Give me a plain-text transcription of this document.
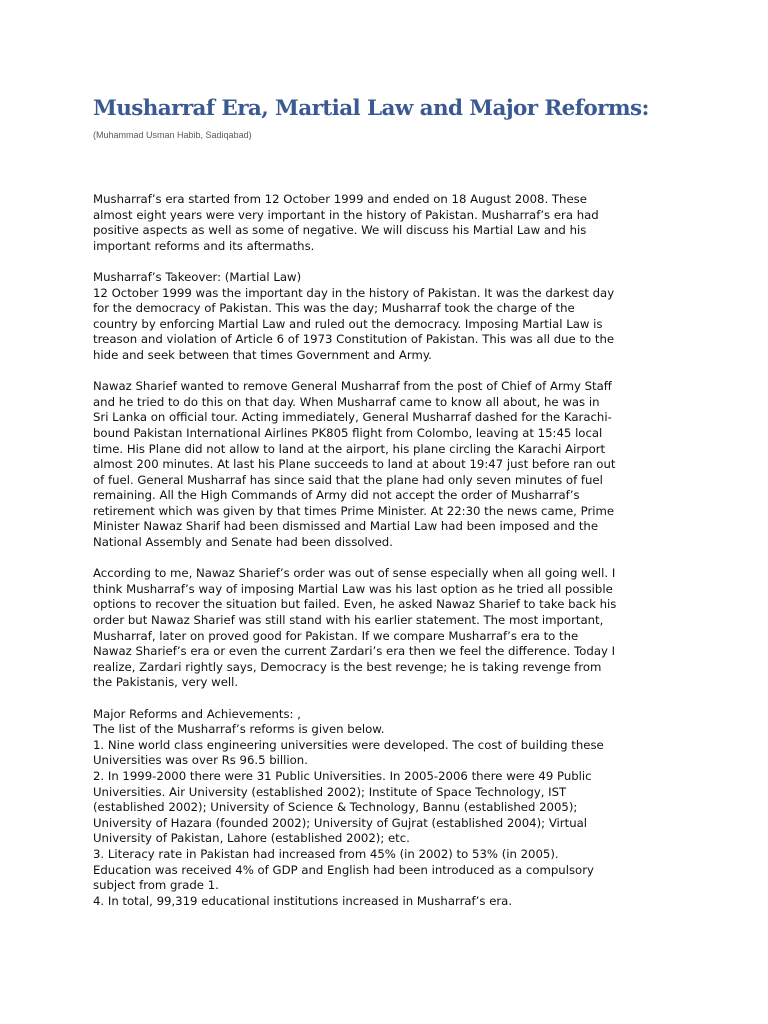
Musharraf Era, Martial Law and Major Reforms:

(Muhammad Usman Habib, Sadiqabad)

Musharraf’s era started from 12 October 1999 and ended on 18 August 2008. These
almost eight years were very important in the history of Pakistan. Musharraf’s era had
positive aspects as well as some of negative. We will discuss his Martial Law and his
important reforms and its aftermaths.
Musharraf’s Takeover: (Martial Law)
12 October 1999 was the important day in the history of Pakistan. It was the darkest day
for the democracy of Pakistan. This was the day; Musharraf took the charge of the
country by enforcing Martial Law and ruled out the democracy. Imposing Martial Law is
treason and violation of Article 6 of 1973 Constitution of Pakistan. This was all due to the
hide and seek between that times Government and Army.
Nawaz Sharief wanted to remove General Musharraf from the post of Chief of Army Staff
and he tried to do this on that day. When Musharraf came to know all about, he was in
Sri Lanka on official tour. Acting immediately, General Musharraf dashed for the Karachi-
bound Pakistan International Airlines PK805 flight from Colombo, leaving at 15:45 local
time. His Plane did not allow to land at the airport, his plane circling the Karachi Airport
almost 200 minutes. At last his Plane succeeds to land at about 19:47 just before ran out
of fuel. General Musharraf has since said that the plane had only seven minutes of fuel
remaining. All the High Commands of Army did not accept the order of Musharraf’s
retirement which was given by that times Prime Minister. At 22:30 the news came, Prime
Minister Nawaz Sharif had been dismissed and Martial Law had been imposed and the
National Assembly and Senate had been dissolved.
According to me, Nawaz Sharief’s order was out of sense especially when all going well. I
think Musharraf’s way of imposing Martial Law was his last option as he tried all possible
options to recover the situation but failed. Even, he asked Nawaz Sharief to take back his
order but Nawaz Sharief was still stand with his earlier statement. The most important,
Musharraf, later on proved good for Pakistan. If we compare Musharraf’s era to the
Nawaz Sharief’s era or even the current Zardari’s era then we feel the difference. Today I
realize, Zardari rightly says, Democracy is the best revenge; he is taking revenge from
the Pakistanis, very well.
Major Reforms and Achievements: ,
The list of the Musharraf’s reforms is given below.
1. Nine world class engineering universities were developed. The cost of building these
Universities was over Rs 96.5 billion.
2. In 1999-2000 there were 31 Public Universities. In 2005-2006 there were 49 Public
Universities. Air University (established 2002); Institute of Space Technology, IST
(established 2002); University of Science & Technology, Bannu (established 2005);
University of Hazara (founded 2002); University of Gujrat (established 2004); Virtual
University of Pakistan, Lahore (established 2002); etc.
3. Literacy rate in Pakistan had increased from 45% (in 2002) to 53% (in 2005).
Education was received 4% of GDP and English had been introduced as a compulsory
subject from grade 1.
4. In total, 99,319 educational institutions increased in Musharraf’s era.
